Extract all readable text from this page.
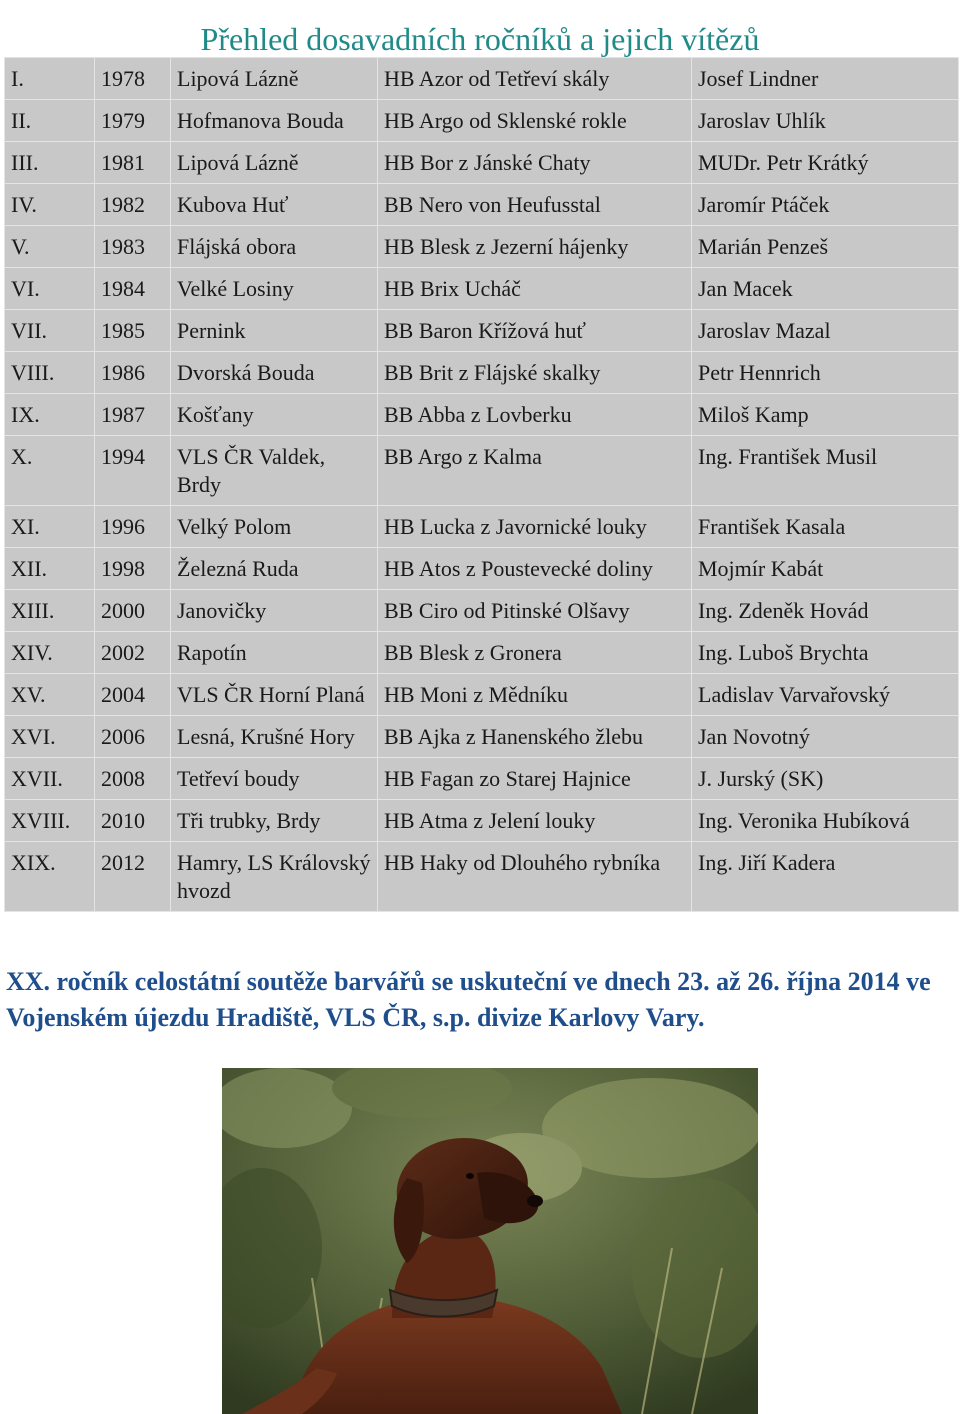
Přehled dosavadních ročníků a jejich vítězů
I.	1978	Lipová Lázně	HB Azor od Tetřeví skály	Josef Lindner
II.	1979	Hofmanova Bouda	HB Argo od Sklenské rokle	Jaroslav Uhlík
III.	1981	Lipová Lázně	HB Bor z Jánské Chaty	MUDr. Petr Krátký
IV.	1982	Kubova Huť	BB Nero von Heufusstal	Jaromír Ptáček
V.	1983	Flájská obora	HB Blesk z Jezerní hájenky	Marián Penzeš
VI.	1984	Velké Losiny	HB Brix Ucháč	Jan Macek
VII.	1985	Pernink	BB Baron Křížová huť	Jaroslav Mazal
VIII.	1986	Dvorská Bouda	BB Brit z Flájské skalky	Petr Hennrich
IX.	1987	Košťany	BB Abba z Lovberku	Miloš Kamp
X.	1994	VLS ČR Valdek, Brdy	BB Argo z Kalma	Ing. František Musil
XI.	1996	Velký Polom	HB Lucka z Javornické louky	František Kasala
XII.	1998	Železná Ruda	HB Atos z Poustevecké doliny	Mojmír Kabát
XIII.	2000	Janovičky	BB Ciro od Pitinské Olšavy	Ing. Zdeněk Hovád
XIV.	2002	Rapotín	BB Blesk z Gronera	Ing. Luboš Brychta
XV.	2004	VLS ČR Horní Planá	HB Moni z Mědníku	Ladislav Varvařovský
XVI.	2006	Lesná, Krušné Hory	BB Ajka z Hanenského žlebu	Jan Novotný
XVII.	2008	Tetřeví boudy	HB Fagan zo Starej Hajnice	J. Jurský (SK)
XVIII.	2010	Tři trubky, Brdy	HB Atma z Jelení louky	Ing. Veronika Hubíková
XIX.	2012	Hamry, LS Královský hvozd	HB Haky od Dlouhého rybníka	Ing. Jiří Kadera

XX. ročník celostátní soutěže barvářů se uskuteční ve dnech 23. až 26. října 2014 ve Vojenském újezdu Hradiště, VLS ČR, s.p. divize Karlovy Vary.
